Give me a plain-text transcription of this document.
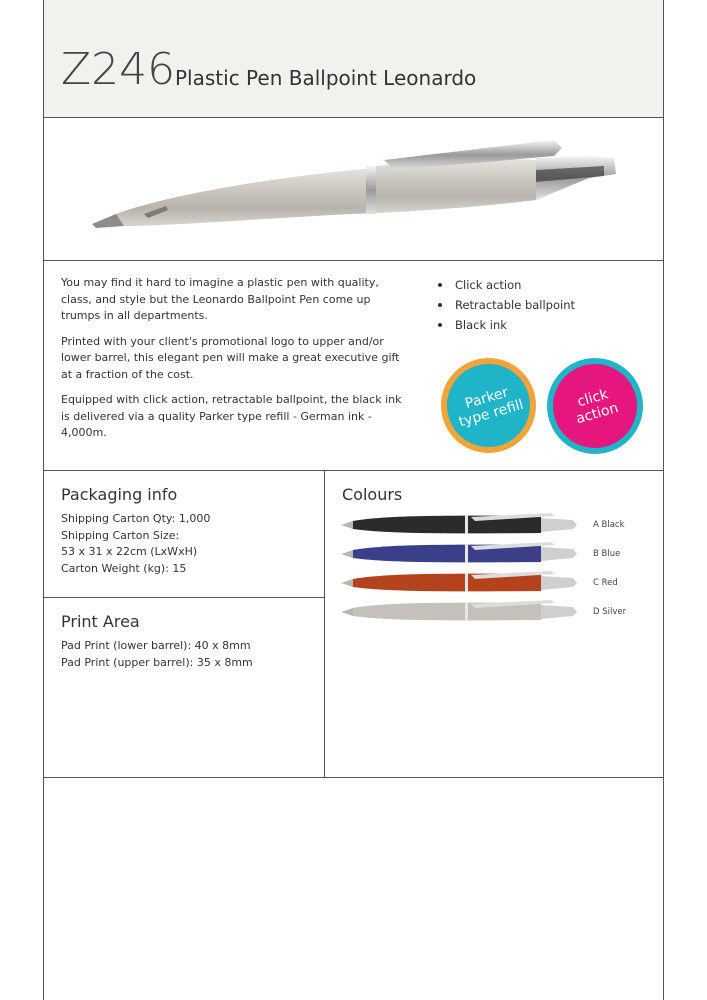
Z246 Plastic Pen Ballpoint Leonardo

You may find it hard to imagine a plastic pen with quality, class, and style but the Leonardo Ballpoint Pen come up trumps in all departments.

Printed with your client's promotional logo to upper and/or lower barrel, this elegant pen will make a great executive gift at a fraction of the cost.

Equipped with click action, retractable ballpoint, the black ink is delivered via a quality Parker type refill - German ink - 4,000m.

Click action
Retractable ballpoint
Black ink
Parker type refill	click action
Packaging info
Shipping Carton Qty: 1,000
Shipping Carton Size:
53 x 31 x 22cm (LxWxH)
Carton Weight (kg): 15
Print Area
Pad Print (lower barrel): 40 x 8mm
Pad Print (upper barrel): 35 x 8mm
Colours
A Black
B Blue
C Red
D Silver
